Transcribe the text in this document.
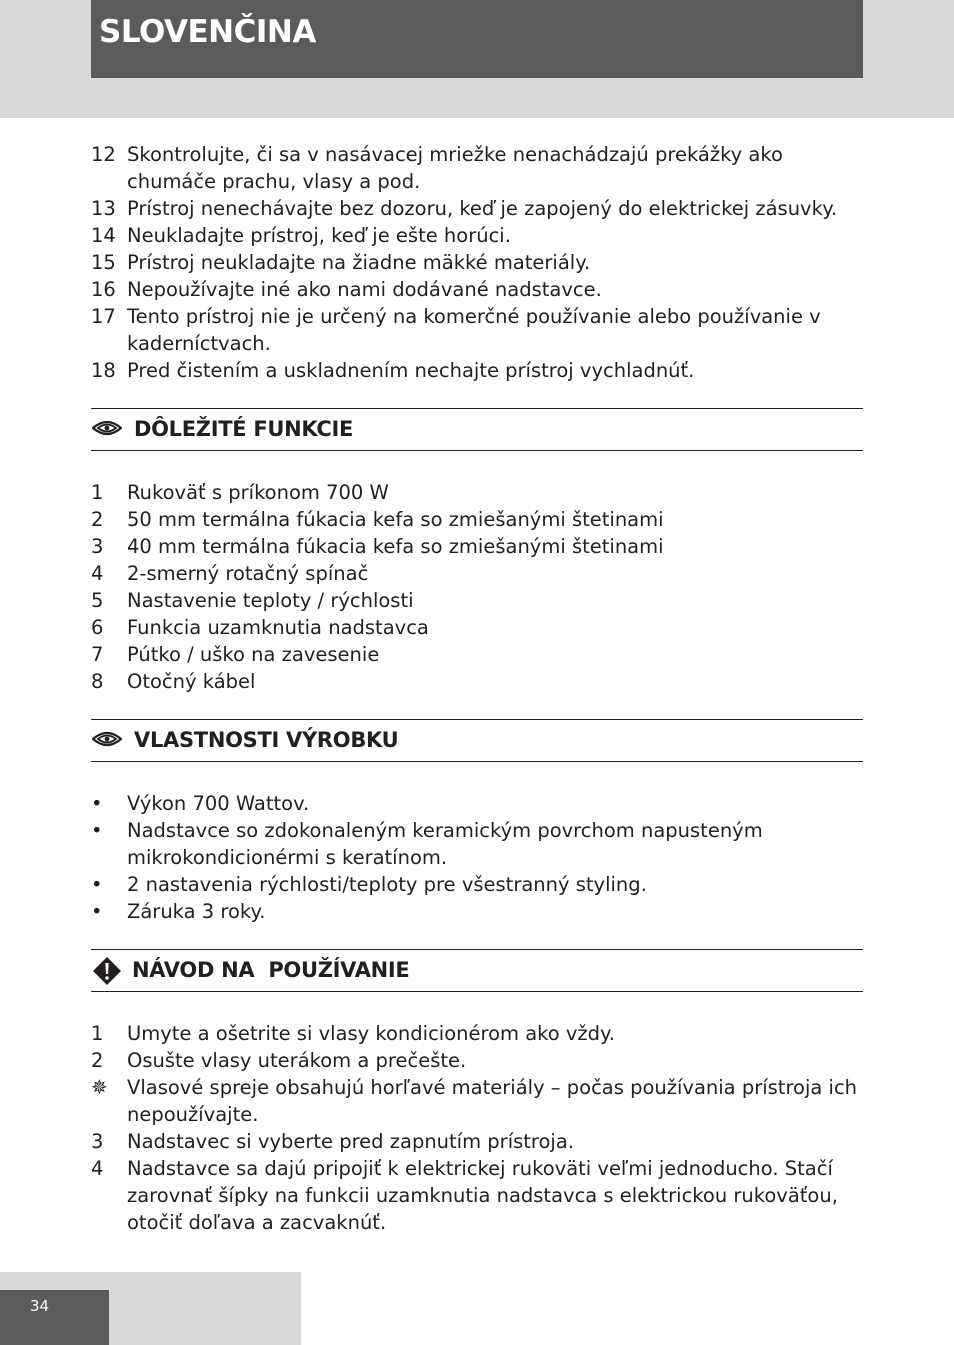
SLOVENČINA
12 Skontrolujte, či sa v nasávacej mriežke nenachádzajú prekážky ako chumáče prachu, vlasy a pod.
13 Prístroj nenechávajte bez dozoru, keď je zapojený do elektrickej zásuvky.
14 Neukladajte prístroj, keď je ešte horúci.
15 Prístroj neukladajte na žiadne mäkké materiály.
16 Nepoužívajte iné ako nami dodávané nadstavce.
17 Tento prístroj nie je určený na komerčné používanie alebo používanie v kaderníctvach.
18 Pred čistením a uskladnením nechajte prístroj vychladnúť.
DÔLEŽITÉ FUNKCIE
1	Rukoväť s príkonom 700 W
2	50 mm termálna fúkacia kefa so zmiešanými štetinami
3	40 mm termálna fúkacia kefa so zmiešanými štetinami
4	2-smerný rotačný spínač
5	Nastavenie teploty / rýchlosti
6	Funkcia uzamknutia nadstavca
7	Pútko / uško na zavesenie
8	Otočný kábel
VLASTNOSTI VÝROBKU
• Výkon 700 Wattov.
• Nadstavce so zdokonaleným keramickým povrchom napusteným mikrokondicionérmi s keratínom.
• 2 nastavenia rýchlosti/teploty pre všestranný styling.
• Záruka 3 roky.
NÁVOD NA  POUŽÍVANIE
1	Umyte a ošetrite si vlasy kondicionérom ako vždy.
2	Osušte vlasy uterákom a prečešte.
✵ Vlasové spreje obsahujú horľavé materiály – počas používania prístroja ich nepoužívajte.
3	Nadstavec si vyberte pred zapnutím prístroja.
4	Nadstavce sa dajú pripojiť k elektrickej rukoväti veľmi jednoducho. Stačí zarovnať šípky na funkcii uzamknutia nadstavca s elektrickou rukoväťou, otočiť doľava a zacvaknúť.
34
